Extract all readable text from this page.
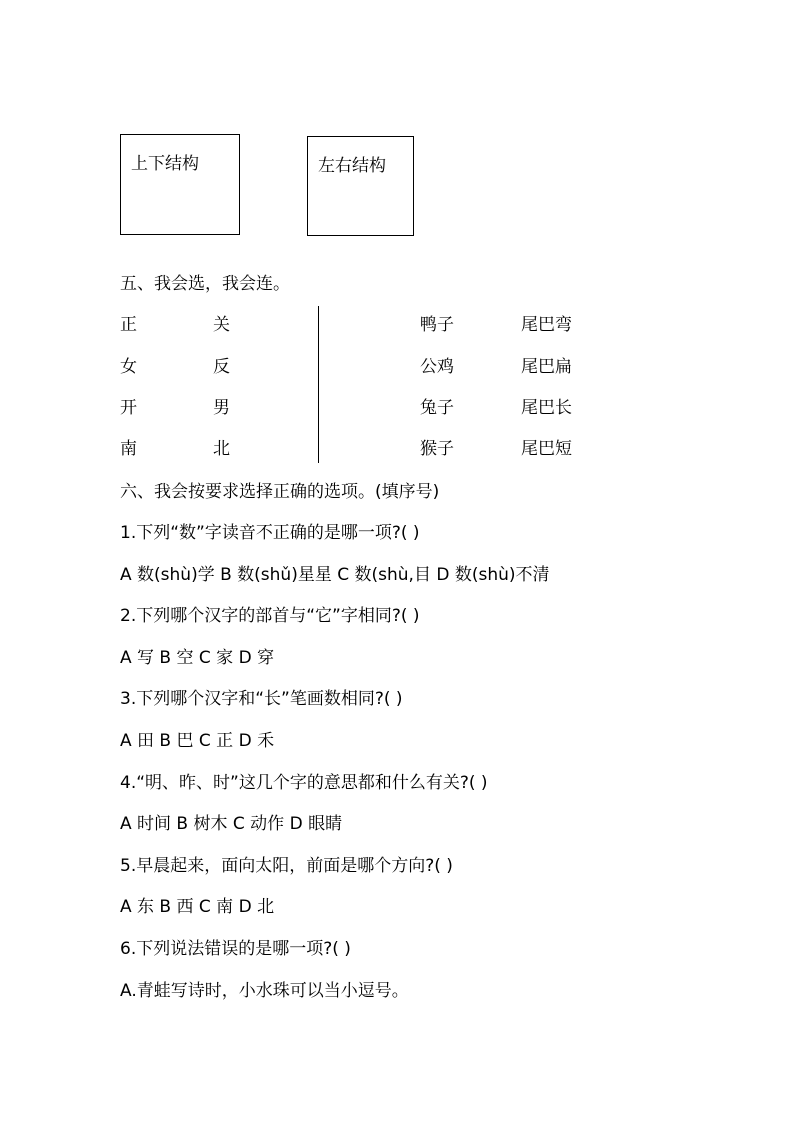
上下结构	左右结构
五、我会选，我会连。
正
女
开
南
关
反
男
北
鸭子
公鸡
兔子
猴子
尾巴弯
尾巴扁
尾巴长
尾巴短
六、我会按要求选择正确的选项。(填序号)
1.下列“数”字读音不正确的是哪一项?( )
A 数(shù)学 B 数(shǔ)星星 C 数(shù,目 D 数(shù)不清
2.下列哪个汉字的部首与“它”字相同?( )
A 写 B 空 C 家 D 穿
3.下列哪个汉字和“长”笔画数相同?( )
A 田 B 巴 C 正 D 禾
4.“明、昨、时”这几个字的意思都和什么有关?( )
A 时间 B 树木 C 动作 D 眼睛
5.早晨起来，面向太阳，前面是哪个方向?( )
A 东 B 西 C 南 D 北
6.下列说法错误的是哪一项?( )
A.青蛙写诗时，小水珠可以当小逗号。
